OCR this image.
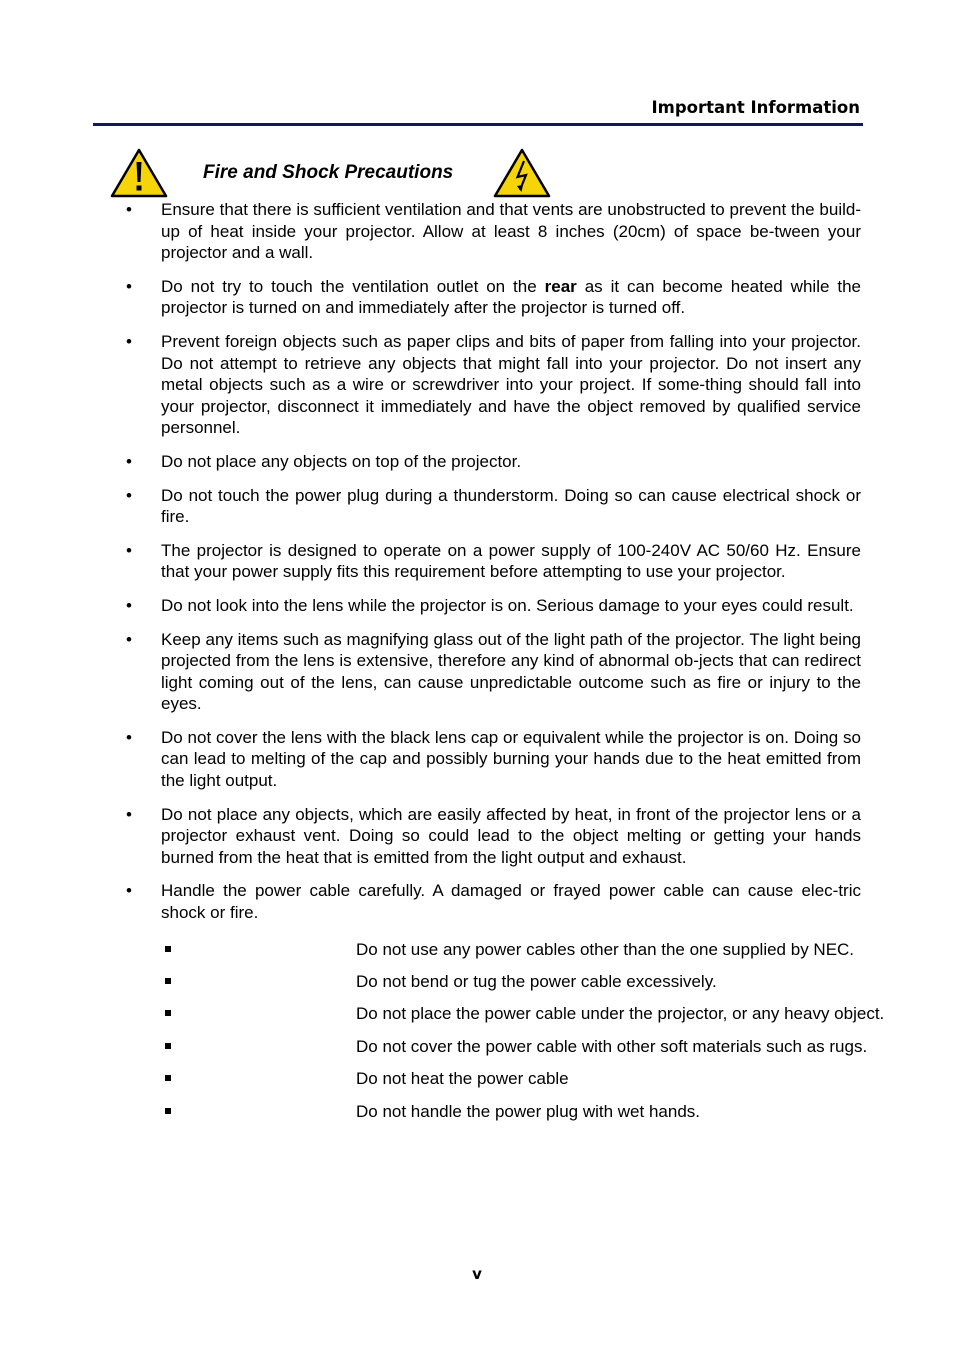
Important Information
Fire and Shock Precautions
• Ensure that there is sufficient ventilation and that vents are unobstructed to prevent the build-up of heat inside your projector. Allow at least 8 inches (20cm) of space be-tween your projector and a wall.
• Do not try to touch the ventilation outlet on the rear as it can become heated while the projector is turned on and immediately after the projector is turned off.
• Prevent foreign objects such as paper clips and bits of paper from falling into your projector. Do not attempt to retrieve any objects that might fall into your projector. Do not insert any metal objects such as a wire or screwdriver into your project. If some-thing should fall into your projector, disconnect it immediately and have the object removed by qualified service personnel.
• Do not place any objects on top of the projector.
• Do not touch the power plug during a thunderstorm. Doing so can cause electrical shock or fire.
• The projector is designed to operate on a power supply of 100-240V AC 50/60 Hz. Ensure that your power supply fits this requirement before attempting to use your projector.
• Do not look into the lens while the projector is on. Serious damage to your eyes could result.
• Keep any items such as magnifying glass out of the light path of the projector. The light being projected from the lens is extensive, therefore any kind of abnormal ob-jects that can redirect light coming out of the lens, can cause unpredictable outcome such as fire or injury to the eyes.
• Do not cover the lens with the black lens cap or equivalent while the projector is on. Doing so can lead to melting of the cap and possibly burning your hands due to the heat emitted from the light output.
• Do not place any objects, which are easily affected by heat, in front of the projector lens or a projector exhaust vent. Doing so could lead to the object melting or getting your hands burned from the heat that is emitted from the light output and exhaust.
• Handle the power cable carefully. A damaged or frayed power cable can cause elec-tric shock or fire.
Do not use any power cables other than the one supplied by NEC.
Do not bend or tug the power cable excessively.
Do not place the power cable under the projector, or any heavy object.
Do not cover the power cable with other soft materials such as rugs.
Do not heat the power cable
Do not handle the power plug with wet hands.
v
